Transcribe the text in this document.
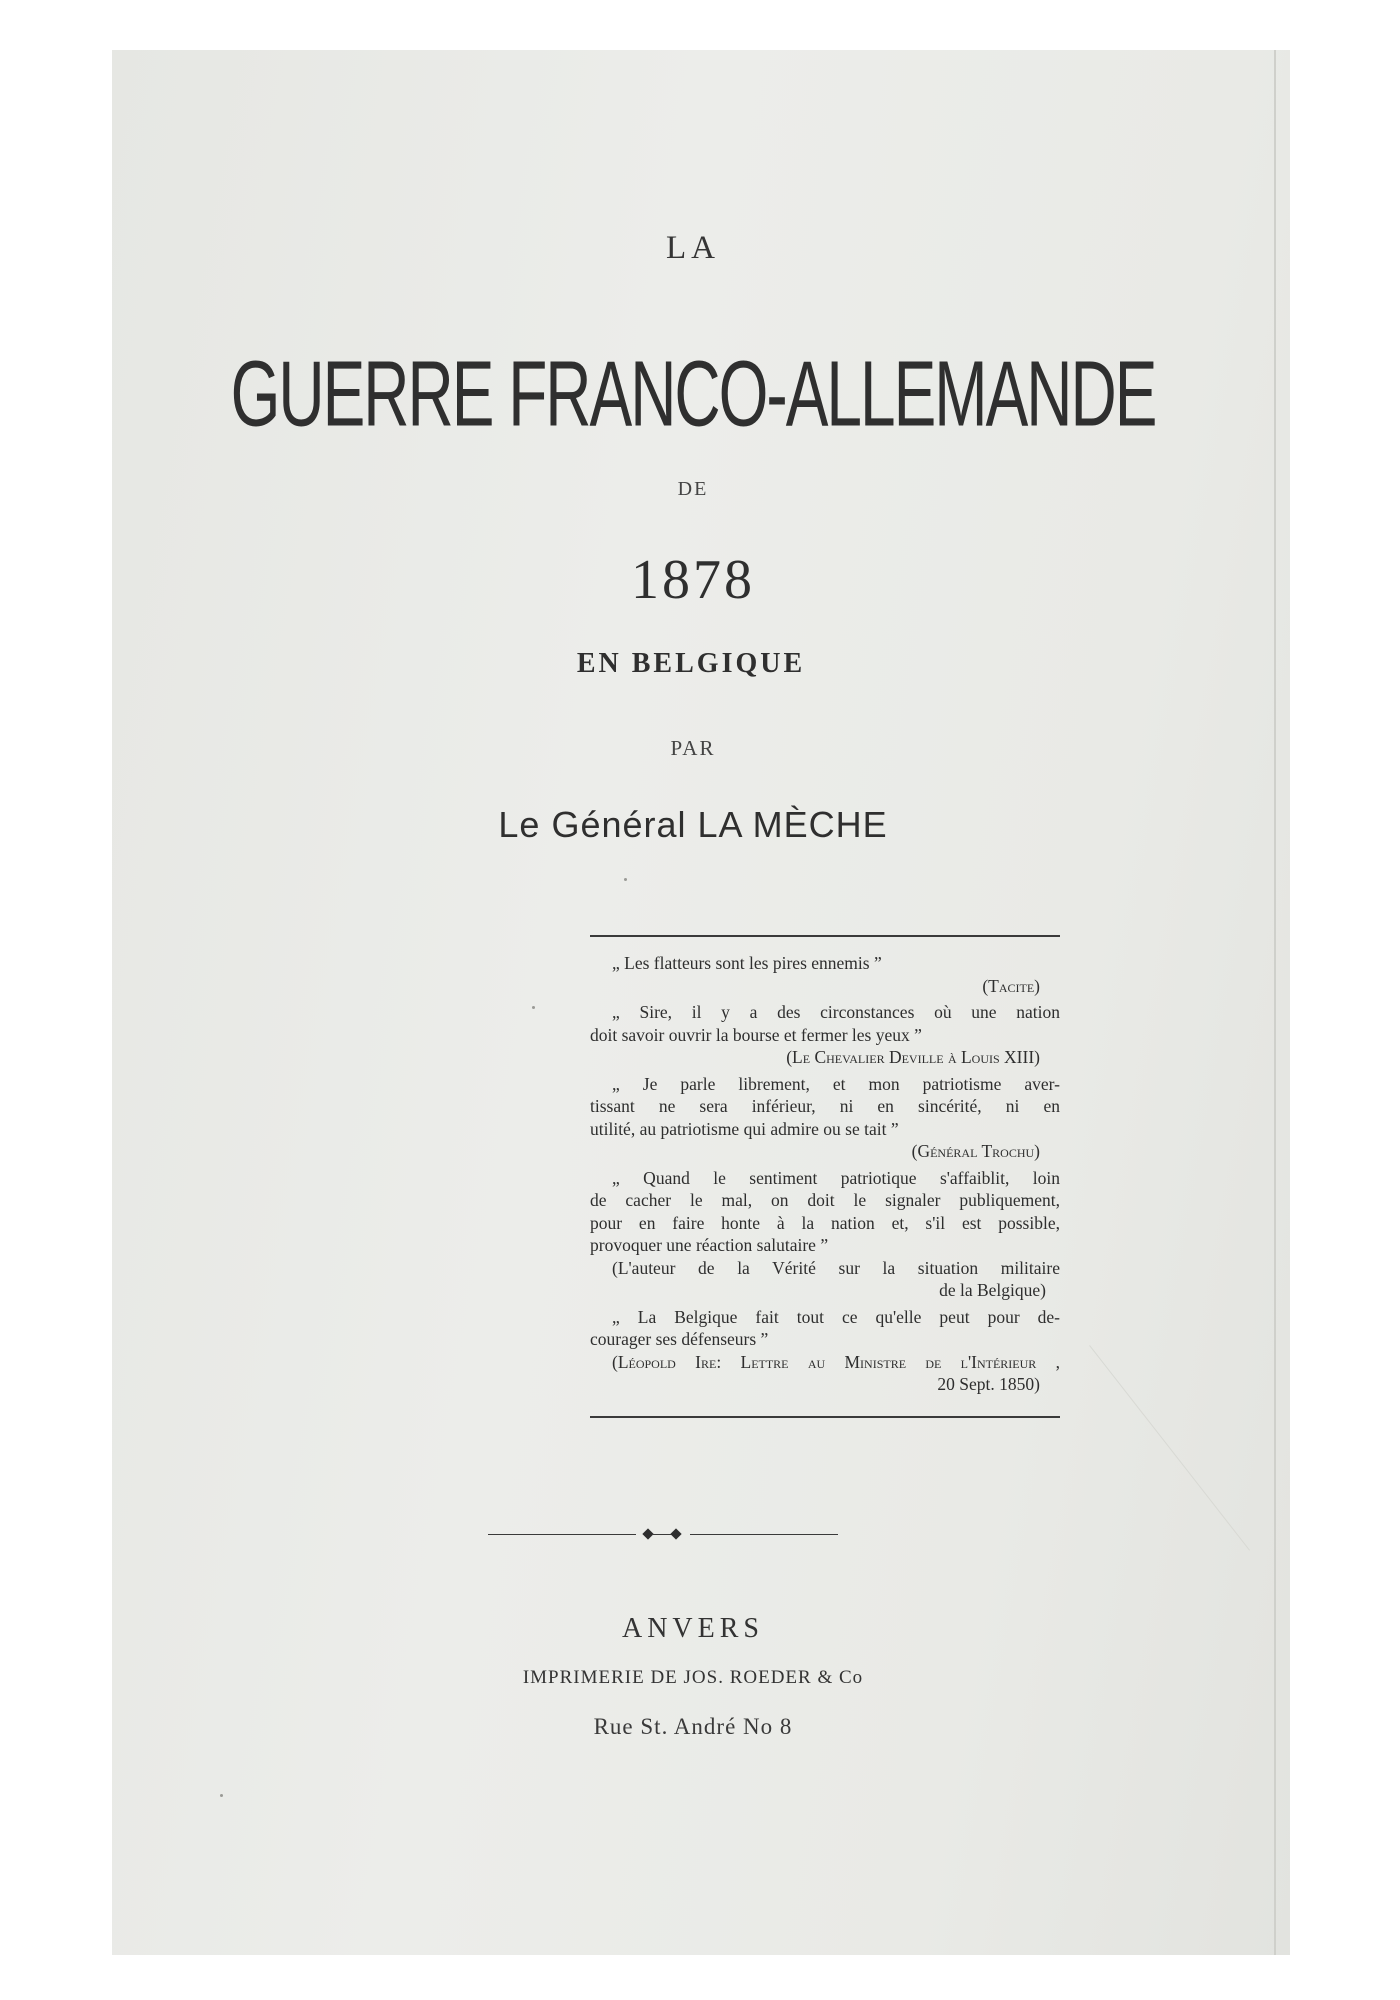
LA
GUERRE FRANCO-ALLEMANDE
DE
1878
EN BELGIQUE
PAR
Le Général LA MÈCHE
„ Les flatteurs sont les pires ennemis ”
(Tacite)
„ Sire, il y a des circonstances où une nation
doit savoir ouvrir la bourse et fermer les yeux ”
(Le Chevalier Deville à Louis XIII)
„ Je parle librement, et mon patriotisme aver-
tissant ne sera inférieur, ni en sincérité, ni en
utilité, au patriotisme qui admire ou se tait ”
(Général Trochu)
„ Quand le sentiment patriotique s'affaiblit, loin
de cacher le mal, on doit le signaler publiquement,
pour en faire honte à la nation et, s'il est possible,
provoquer une réaction salutaire ”
(L'auteur de la Vérité sur la situation militaire
de la Belgique)
„ La Belgique fait tout ce qu'elle peut pour de-
courager ses défenseurs ”
(Léopold Ire: Lettre au Ministre de l'Intérieur ,
20 Sept. 1850)
ANVERS
IMPRIMERIE DE JOS. ROEDER & Co
Rue St. André No 8
